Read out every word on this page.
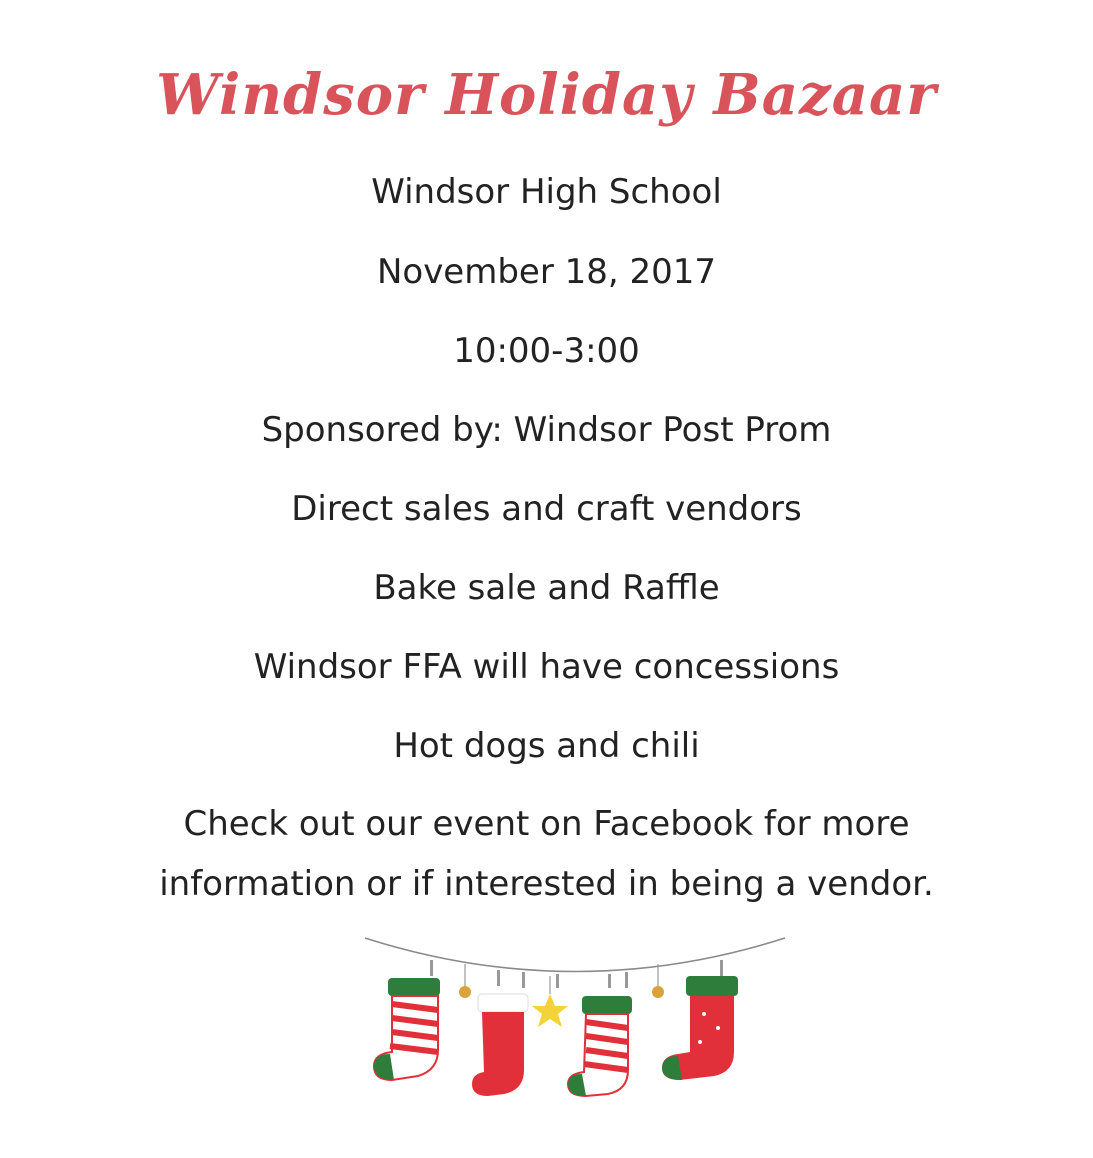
Windsor Holiday Bazaar

Windsor High School

November 18, 2017

10:00-3:00

Sponsored by: Windsor Post Prom

Direct sales and craft vendors

Bake sale and Raffle

Windsor FFA will have concessions

Hot dogs and chili

Check out our event on Facebook for more

information or if interested in being a vendor.
